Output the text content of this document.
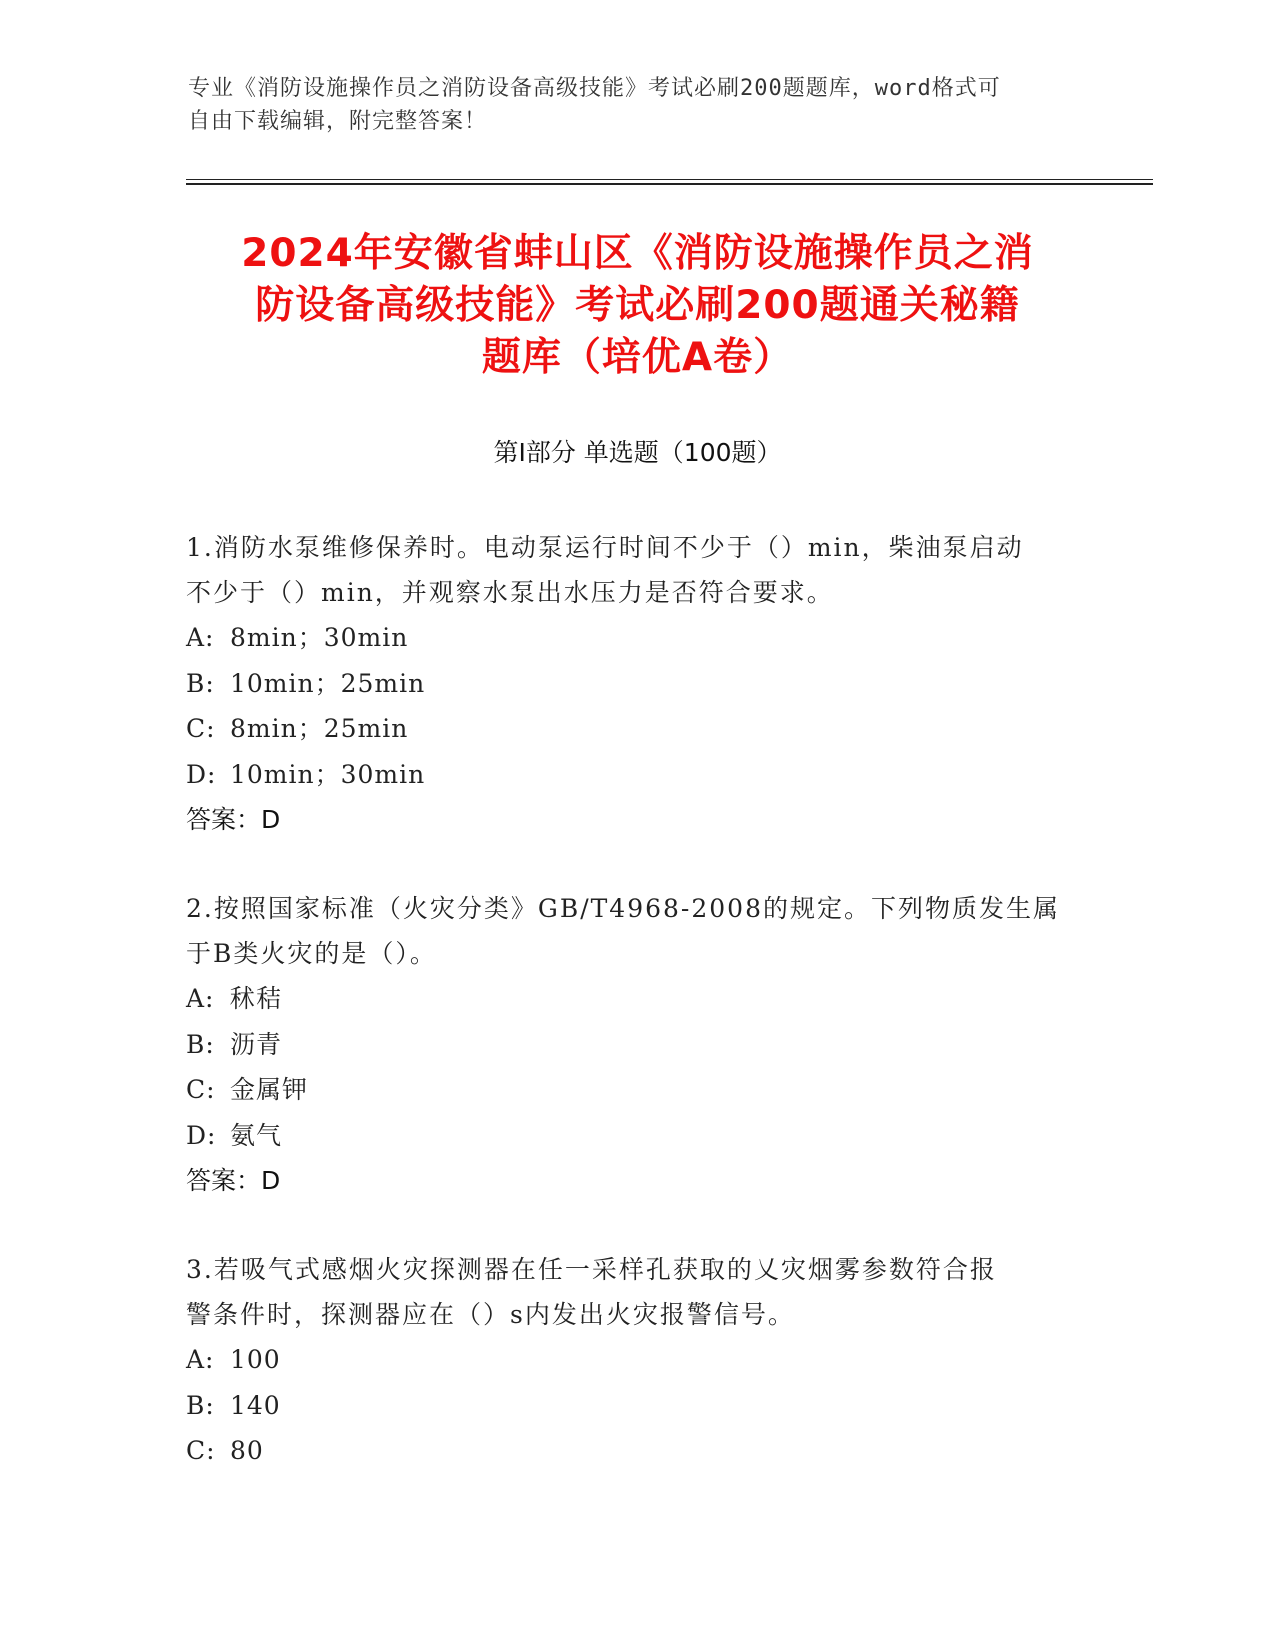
专业《消防设施操作员之消防设备高级技能》考试必刷200题题库，word格式可
自由下载编辑，附完整答案！
2024年安徽省蚌山区《消防设施操作员之消
防设备高级技能》考试必刷200题通关秘籍
题库（培优A卷）
第Ⅰ部分 单选题（100题）
1.消防水泵维修保养时。电动泵运行时间不少于（）min，柴油泵启动
不少于（）min，并观察水泵出水压力是否符合要求。
A: 8min；30min
B: 10min；25min
C: 8min；25min
D: 10min；30min
答案：D
2.按照国家标准（火灾分类》GB/T4968-2008的规定。下列物质发生属
于B类火灾的是（）。
A: 秫秸
B: 沥青
C: 金属钾
D: 氨气
答案：D
3.若吸气式感烟火灾探测器在任一采样孔获取的乂灾烟雾参数符合报
警条件时，探测器应在（）s内发出火灾报警信号。
A: 100
B: 140
C: 80
